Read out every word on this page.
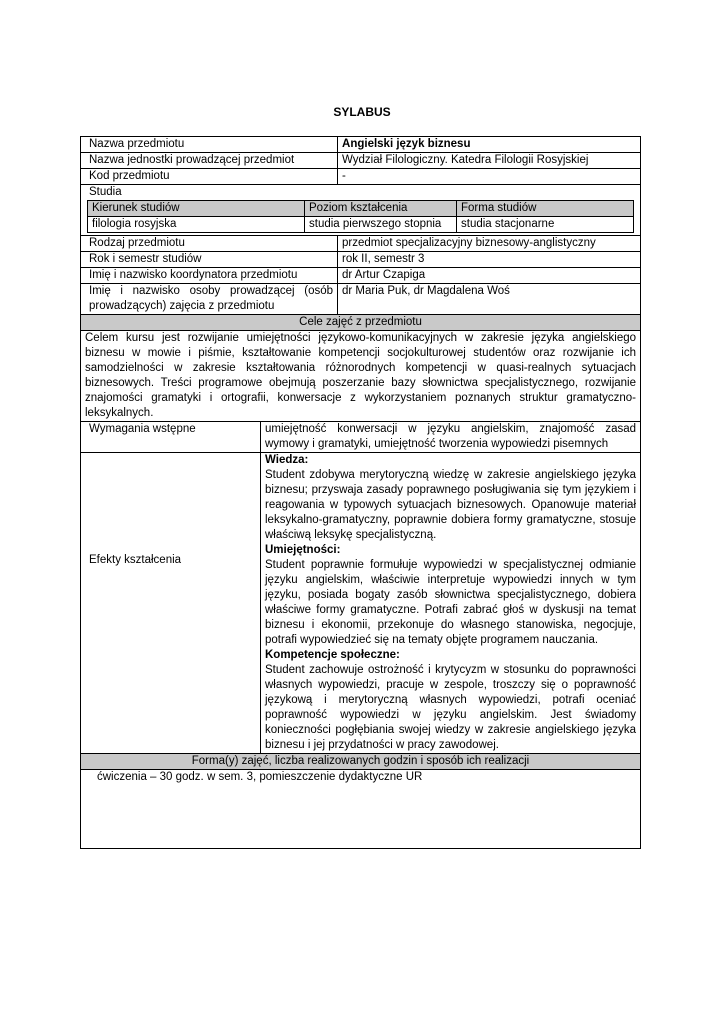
SYLABUS
Nazwa przedmiotu	Angielski język biznesu
Nazwa jednostki prowadzącej przedmiot	Wydział Filologiczny. Katedra Filologii Rosyjskiej
Kod przedmiotu	-

Studia
Kierunek studiów	Poziom kształcenia	Forma studiów
filologia rosyjska	studia pierwszego stopnia	studia stacjonarne

Rodzaj przedmiotu	przedmiot specjalizacyjny biznesowy-anglistyczny
Rok i semestr studiów	rok II, semestr 3
Imię i nazwisko koordynatora przedmiotu	dr Artur Czapiga
Imię i nazwisko osoby prowadzącej (osób prowadzących) zajęcia z przedmiotu	dr Maria Puk, dr Magdalena Woś
Cele zajęć z przedmiotu
Celem kursu jest rozwijanie umiejętności językowo-komunikacyjnych w zakresie języka angielskiego biznesu w mowie i piśmie, kształtowanie kompetencji socjokulturowej studentów oraz rozwijanie ich samodzielności w zakresie kształtowania różnorodnych kompetencji w quasi-realnych sytuacjach biznesowych. Treści programowe obejmują poszerzanie bazy słownictwa specjalistycznego, rozwijanie znajomości gramatyki i ortografii, konwersacje z wykorzystaniem poznanych struktur gramatyczno-leksykalnych.
Wymagania wstępne	umiejętność konwersacji w języku angielskim, znajomość zasad wymowy i gramatyki, umiejętność tworzenia wypowiedzi pisemnych

Efekty kształcenia

Wiedza:
Student zdobywa merytoryczną wiedzę w zakresie angielskiego języka biznesu; przyswaja zasady poprawnego posługiwania się tym językiem i reagowania w typowych sytuacjach biznesowych. Opanowuje materiał leksykalno-gramatyczny, poprawnie dobiera formy gramatyczne, stosuje właściwą leksykę specjalistyczną.
Umiejętności:
Student poprawnie formułuje wypowiedzi w specjalistycznej odmianie języku angielskim, właściwie interpretuje wypowiedzi innych w tym języku, posiada bogaty zasób słownictwa specjalistycznego, dobiera właściwe formy gramatyczne. Potrafi zabrać głoś w dyskusji na temat biznesu i ekonomii, przekonuje do własnego stanowiska, negocjuje, potrafi wypowiedzieć się na tematy objęte programem nauczania.
Kompetencje społeczne:
Student zachowuje ostrożność i krytycyzm w stosunku do poprawności własnych wypowiedzi, pracuje w zespole, troszczy się o poprawność językową i merytoryczną własnych wypowiedzi, potrafi oceniać poprawność wypowiedzi w języku angielskim. Jest świadomy konieczności pogłębiania swojej wiedzy w zakresie angielskiego języka biznesu i jej przydatności w pracy zawodowej.

Forma(y) zajęć, liczba realizowanych godzin i sposób ich realizacji
ćwiczenia – 30 godz. w sem. 3, pomieszczenie dydaktyczne UR
